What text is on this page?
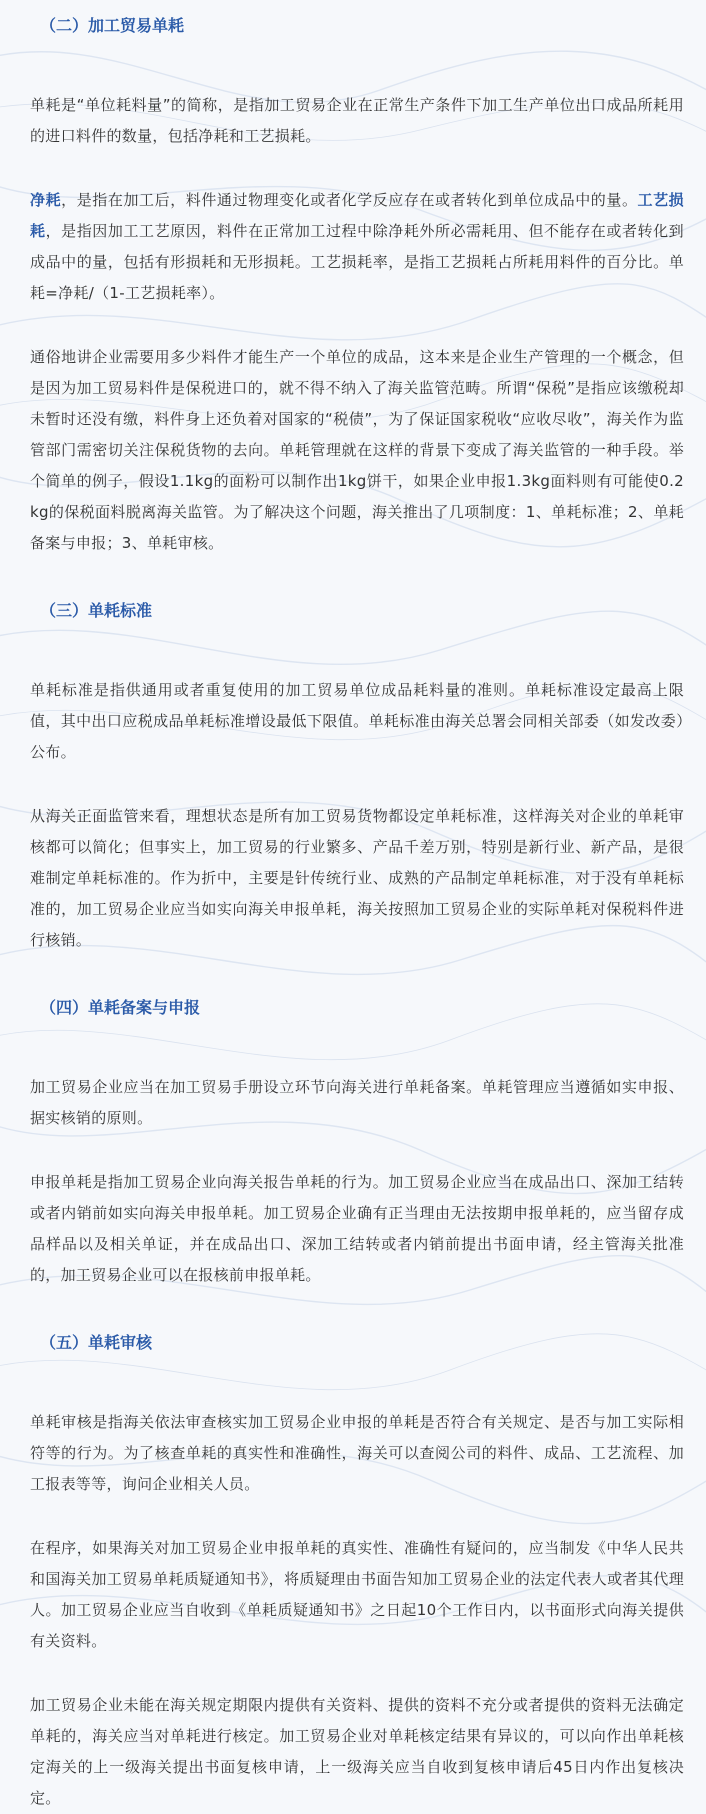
（二）加工贸易单耗

单耗是“单位耗料量”的简称，是指加工贸易企业在正常生产条件下加工生产单位出口成品所耗用的进口料件的数量，包括净耗和工艺损耗。

净耗，是指在加工后，料件通过物理变化或者化学反应存在或者转化到单位成品中的量。工艺损耗，是指因加工工艺原因，料件在正常加工过程中除净耗外所必需耗用、但不能存在或者转化到成品中的量，包括有形损耗和无形损耗。工艺损耗率，是指工艺损耗占所耗用料件的百分比。单耗=净耗/（1-工艺损耗率）。

通俗地讲企业需要用多少料件才能生产一个单位的成品，这本来是企业生产管理的一个概念，但是因为加工贸易料件是保税进口的，就不得不纳入了海关监管范畴。所谓“保税”是指应该缴税却未暂时还没有缴，料件身上还负着对国家的“税债”，为了保证国家税收“应收尽收”，海关作为监管部门需密切关注保税货物的去向。单耗管理就在这样的背景下变成了海关监管的一种手段。举个简单的例子，假设1.1kg的面粉可以制作出1kg饼干，如果企业申报1.3kg面料则有可能使0.2kg的保税面料脱离海关监管。为了解决这个问题，海关推出了几项制度：1、单耗标准；2、单耗备案与申报；3、单耗审核。

（三）单耗标准

单耗标准是指供通用或者重复使用的加工贸易单位成品耗料量的准则。单耗标准设定最高上限值，其中出口应税成品单耗标准增设最低下限值。单耗标准由海关总署会同相关部委（如发改委）公布。

从海关正面监管来看，理想状态是所有加工贸易货物都设定单耗标准，这样海关对企业的单耗审核都可以简化；但事实上，加工贸易的行业繁多、产品千差万别，特别是新行业、新产品，是很难制定单耗标准的。作为折中，主要是针传统行业、成熟的产品制定单耗标准，对于没有单耗标准的，加工贸易企业应当如实向海关申报单耗，海关按照加工贸易企业的实际单耗对保税料件进行核销。

（四）单耗备案与申报

加工贸易企业应当在加工贸易手册设立环节向海关进行单耗备案。单耗管理应当遵循如实申报、据实核销的原则。

申报单耗是指加工贸易企业向海关报告单耗的行为。加工贸易企业应当在成品出口、深加工结转或者内销前如实向海关申报单耗。加工贸易企业确有正当理由无法按期申报单耗的，应当留存成品样品以及相关单证，并在成品出口、深加工结转或者内销前提出书面申请，经主管海关批准的，加工贸易企业可以在报核前申报单耗。

（五）单耗审核

单耗审核是指海关依法审查核实加工贸易企业申报的单耗是否符合有关规定、是否与加工实际相符等的行为。为了核查单耗的真实性和准确性，海关可以查阅公司的料件、成品、工艺流程、加工报表等等，询问企业相关人员。

在程序，如果海关对加工贸易企业申报单耗的真实性、准确性有疑问的，应当制发《中华人民共和国海关加工贸易单耗质疑通知书》，将质疑理由书面告知加工贸易企业的法定代表人或者其代理人。加工贸易企业应当自收到《单耗质疑通知书》之日起10个工作日内，以书面形式向海关提供有关资料。

加工贸易企业未能在海关规定期限内提供有关资料、提供的资料不充分或者提供的资料无法确定单耗的，海关应当对单耗进行核定。加工贸易企业对单耗核定结果有异议的，可以向作出单耗核定海关的上一级海关提出书面复核申请，上一级海关应当自收到复核申请后45日内作出复核决定。
